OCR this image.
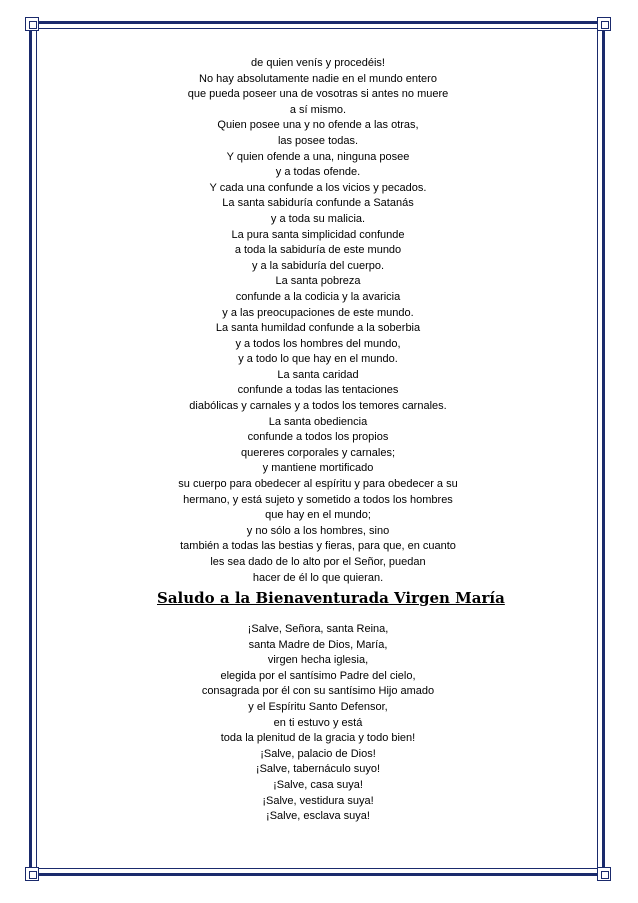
de quien venís y procedéis!
No hay absolutamente nadie en el mundo entero
que pueda poseer una de vosotras si antes no muere
a sí mismo.
Quien posee una y no ofende a las otras,
las posee todas.
Y quien ofende a una, ninguna posee
y a todas ofende.
Y cada una confunde a los vicios y pecados.
La santa sabiduría confunde a Satanás
y a toda su malicia.
La pura santa simplicidad confunde
a toda la sabiduría de este mundo
y a la sabiduría del cuerpo.
La santa pobreza
confunde a la codicia y la avaricia
y a las preocupaciones de este mundo.
La santa humildad confunde a la soberbia
y a todos los hombres del mundo,
y a todo lo que hay en el mundo.
La santa caridad
confunde a todas las tentaciones
diabólicas y carnales y a todos los temores carnales.
La santa obediencia
confunde a todos los propios
quereres corporales y carnales;
y mantiene mortificado
su cuerpo para obedecer al espíritu y para obedecer a su
hermano, y está sujeto y sometido a todos los hombres
que hay en el mundo;
y no sólo a los hombres, sino
también a todas las bestias y fieras, para que, en cuanto
les sea dado de lo alto por el Señor, puedan
hacer de él lo que quieran.
Saludo a la Bienaventurada Virgen María
¡Salve, Señora, santa Reina,
santa Madre de Dios, María,
virgen hecha iglesia,
elegida por el santísimo Padre del cielo,
consagrada por él con su santísimo Hijo amado
y el Espíritu Santo Defensor,
en ti estuvo y está
toda la plenitud de la gracia y todo bien!
¡Salve, palacio de Dios!
¡Salve, tabernáculo suyo!
¡Salve, casa suya!
¡Salve, vestidura suya!
¡Salve, esclava suya!
